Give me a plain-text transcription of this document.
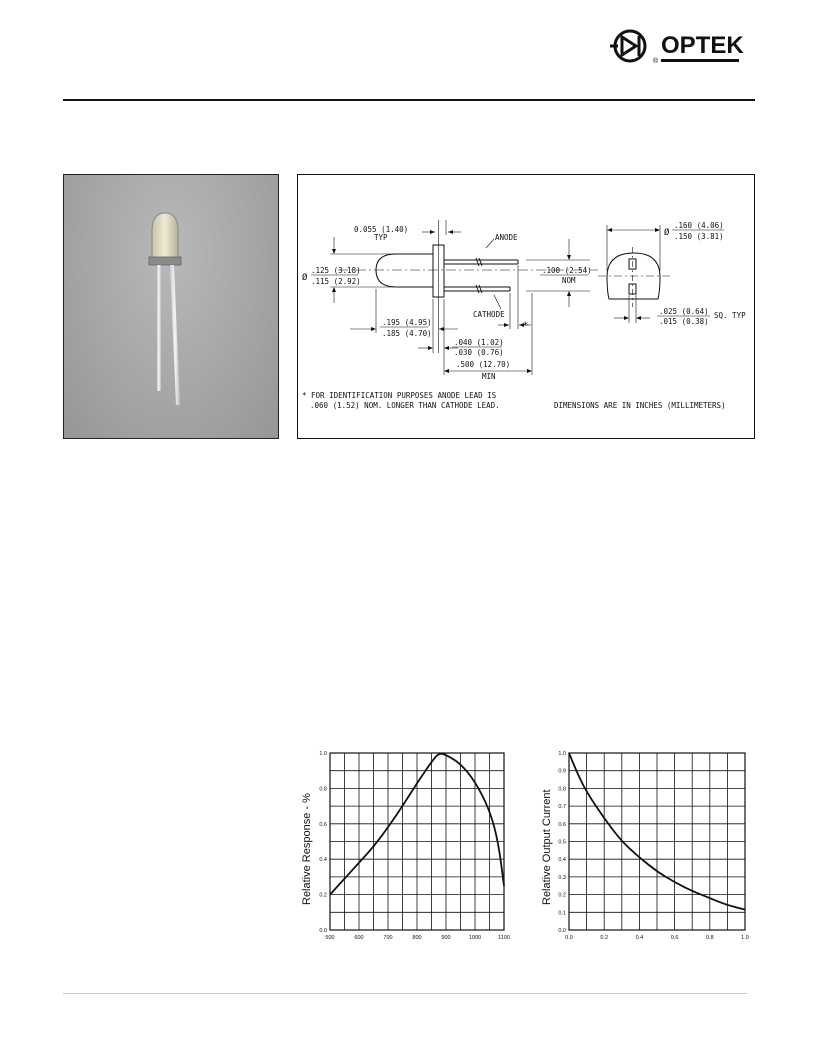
®
OPTEK
0.055 (1.40)
TYP	ANODE
CATHODE
Ø
.125 (3.18)
.115 (2.92)
.100 (2.54)
NOM
*
.195 (4.95)
.185 (4.70)
.040 (1.02)
.030 (0.76)
.500 (12.70)
MIN
Ø
.160 (4.06)
.150 (3.81)
.025 (0.64)
.015 (0.38)
SQ. TYP
* FOR IDENTIFICATION PURPOSES ANODE LEAD IS
.060 (1.52) NOM. LONGER THAN CATHODE LEAD.	DIMENSIONS ARE IN INCHES (MILLIMETERS)
500	600	700	800	900	1000	1100
0.0
0.2
0.4
0.6
0.8
1.0
Relative Response - %
0.0	0.2	0.4	0.6	0.8	1.0
0.0
0.1
0.2
0.3
0.4
0.5
0.6
0.7
0.8
0.9
1.0
Relative Output Current
